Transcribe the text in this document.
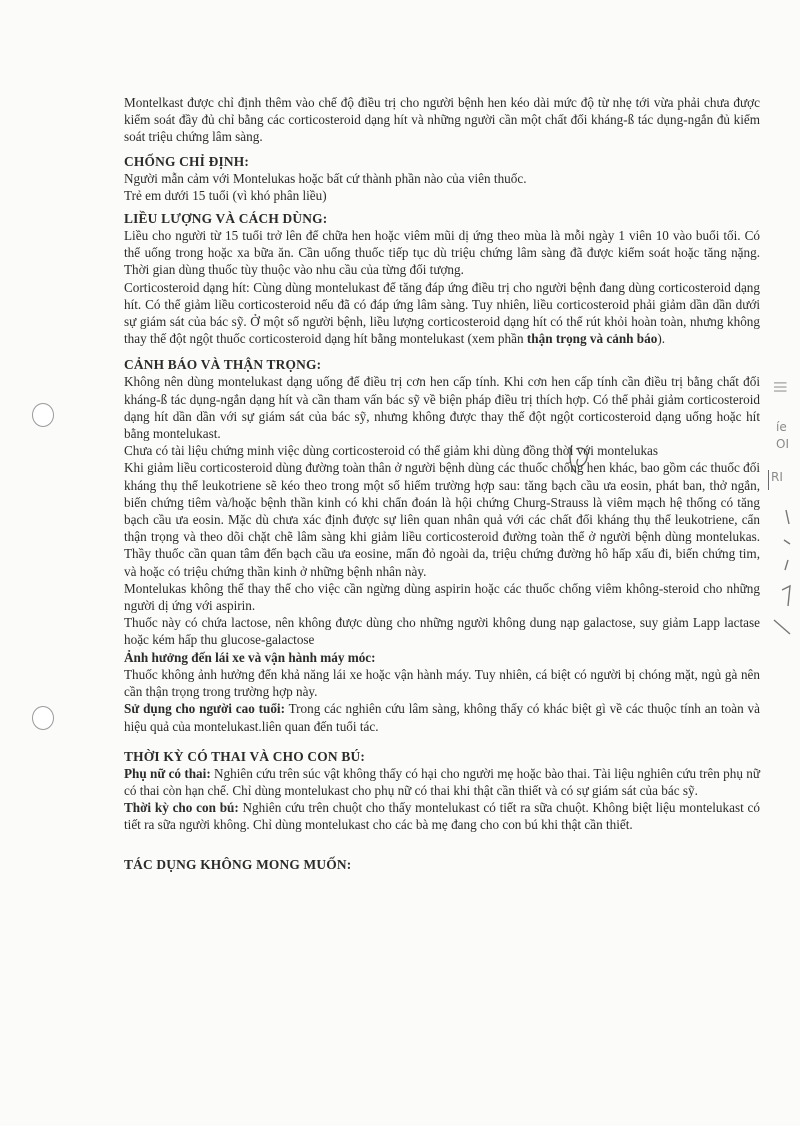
|||
íe
OI
RI

Montelkast được chỉ định thêm vào chế độ điều trị cho người bệnh hen kéo dài mức độ từ nhẹ tới vừa phải chưa được kiểm soát đầy đủ chỉ bằng các corticosteroid dạng hít và những người cần một chất đối kháng-ß tác dụng-ngắn đủ kiểm soát triệu chứng lâm sàng.

CHỐNG CHỈ ĐỊNH:

Người mẫn cảm với Montelukas hoặc bất cứ thành phần nào của viên thuốc.

Trẻ em dưới 15 tuổi (vì khó phân liều)

LIỀU LƯỢNG VÀ CÁCH DÙNG:

Liều cho người từ 15 tuổi trở lên để chữa hen hoặc viêm mũi dị ứng theo mùa là mỗi ngày 1 viên 10 vào buổi tối. Có thể uống trong hoặc xa bữa ăn. Cần uống thuốc tiếp tục dù triệu chứng lâm sàng đã được kiểm soát hoặc tăng nặng. Thời gian dùng thuốc tùy thuộc vào nhu cầu của từng đối tượng.

Corticosteroid dạng hít: Cùng dùng montelukast để tăng đáp ứng điều trị cho người bệnh đang dùng corticosteroid dạng hít. Có thể giảm liều corticosteroid nếu đã có đáp ứng lâm sàng. Tuy nhiên, liều corticosteroid phải giảm dần dần dưới sự giám sát của bác sỹ. Ở một số người bệnh, liều lượng corticosteroid dạng hít có thể rút khỏi hoàn toàn, nhưng không thay thế đột ngột thuốc corticosteroid dạng hít bằng montelukast (xem phần thận trọng và cảnh báo).

CẢNH BÁO VÀ THẬN TRỌNG:

Không nên dùng montelukast dạng uống để điều trị cơn hen cấp tính. Khi cơn hen cấp tính cần điều trị bằng chất đối kháng-ß tác dụng-ngắn dạng hít và cần tham vấn bác sỹ về biện pháp điều trị thích hợp. Có thể phải giảm corticosteroid dạng hít dần dần với sự giám sát của bác sỹ, nhưng không được thay thế đột ngột corticosteroid dạng uống hoặc hít bằng montelukast.

Chưa có tài liệu chứng minh việc dùng corticosteroid có thể giảm khi dùng đồng thời với montelukas

Khi giảm liều corticosteroid dùng đường toàn thân ở người bệnh dùng các thuốc chống hen khác, bao gồm các thuốc đối kháng thụ thể leukotriene sẽ kéo theo trong một số hiếm trường hợp sau: tăng bạch cầu ưa eosin, phát ban, thở ngắn, biến chứng tiêm và/hoặc bệnh thần kinh có khi chẩn đoán là hội chứng Churg-Strauss là viêm mạch hệ thống có tăng bạch cầu ưa eosin. Mặc dù chưa xác định được sự liên quan nhân quả với các chất đối kháng thụ thể leukotriene, cẩn thận trọng và theo dõi chặt chẽ lâm sàng khi giảm liều corticosteroid đường toàn thể ở người bệnh dùng montelukas. Thầy thuốc cần quan tâm đến bạch cầu ưa eosine, mẩn đỏ ngoài da, triệu chứng đường hô hấp xấu đi, biến chứng tim, và hoặc có triệu chứng thần kinh ở những bệnh nhân này.

Montelukas không thể thay thế cho việc cần ngừng dùng aspirin hoặc các thuốc chống viêm không-steroid cho những người dị ứng với aspirin.

Thuốc này có chứa lactose, nên không được dùng cho những người không dung nạp galactose, suy giảm Lapp lactase hoặc kém hấp thu glucose-galactose

Ảnh hưởng đến lái xe và vận hành máy móc:

Thuốc không ảnh hưởng đến khả năng lái xe hoặc vận hành máy. Tuy nhiên, cá biệt có người bị chóng mặt, ngủ gà nên cần thận trọng trong trường hợp này.

Sử dụng cho người cao tuổi: Trong các nghiên cứu lâm sàng, không thấy có khác biệt gì về các thuộc tính an toàn và hiệu quả của montelukast.liên quan đến tuổi tác.

THỜI KỲ CÓ THAI VÀ CHO CON BÚ:

Phụ nữ có thai: Nghiên cứu trên súc vật không thấy có hại cho người mẹ hoặc bào thai. Tài liệu nghiên cứu trên phụ nữ có thai còn hạn chế. Chỉ dùng montelukast cho phụ nữ có thai khi thật cần thiết và có sự giám sát của bác sỹ.

Thời kỳ cho con bú: Nghiên cứu trên chuột cho thấy montelukast có tiết ra sữa chuột. Không biệt liệu montelukast có tiết ra sữa người không. Chỉ dùng montelukast cho các bà mẹ đang cho con bú khi thật cần thiết.

TÁC DỤNG KHÔNG MONG MUỐN:
